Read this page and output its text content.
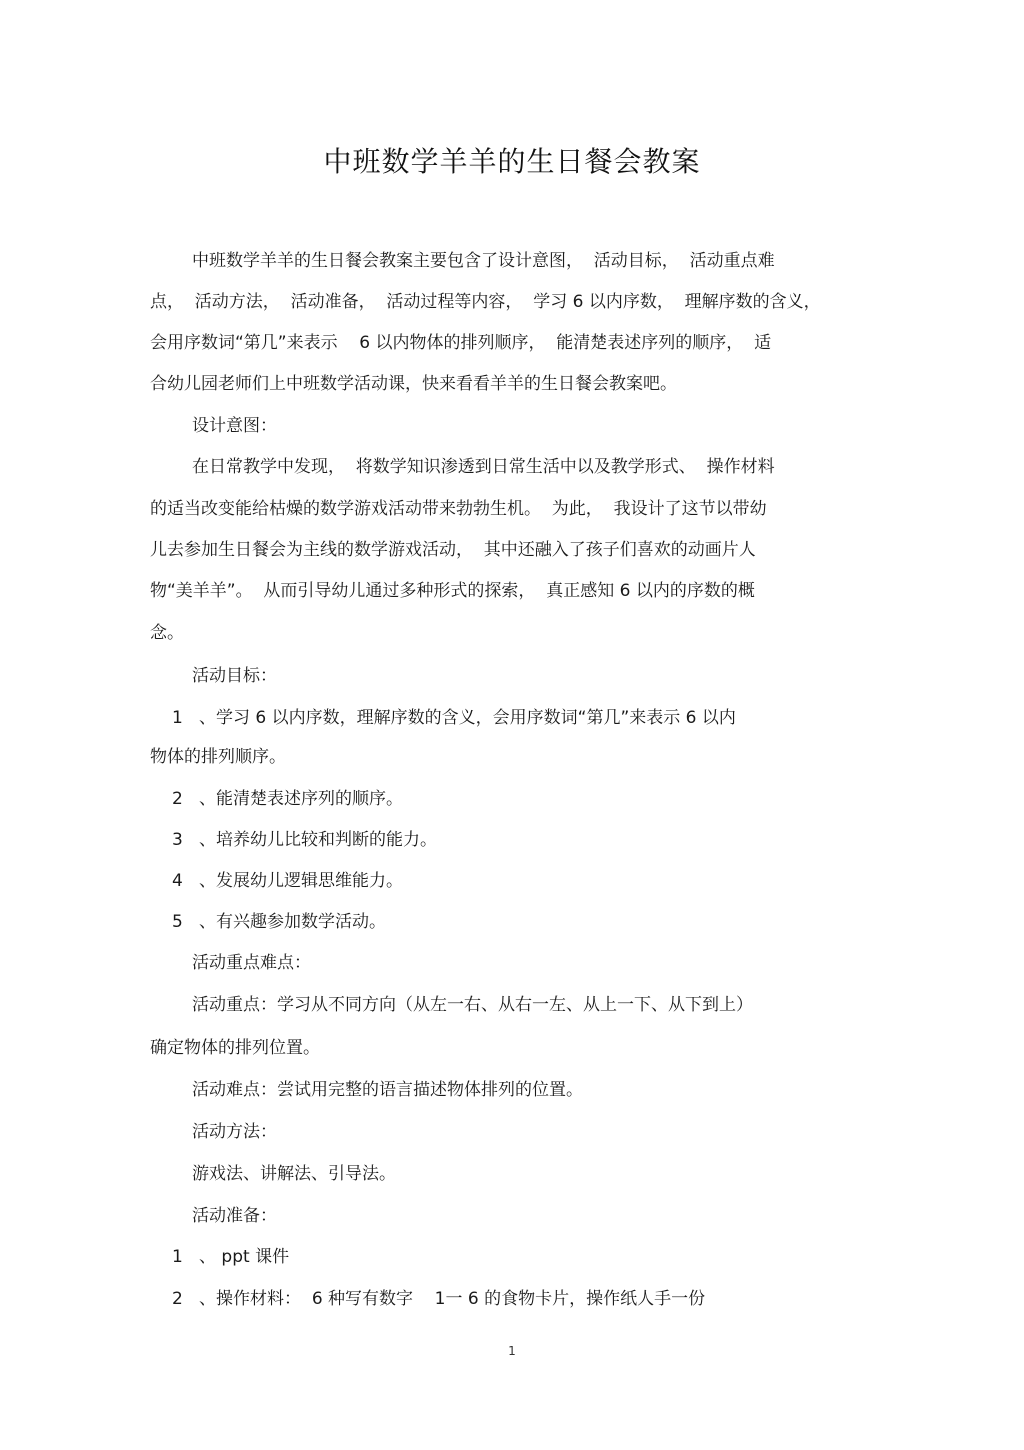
中班数学羊羊的生日餐会教案
中班数学羊羊的生日餐会教案主要包含了设计意图，  活动目标，  活动重点难
点，  活动方法，  活动准备，  活动过程等内容，  学习 6 以内序数，  理解序数的含义，
会用序数词“第几”来表示    6 以内物体的排列顺序，  能清楚表述序列的顺序，  适
合幼儿园老师们上中班数学活动课，快来看看羊羊的生日餐会教案吧。
设计意图：
在日常教学中发现，  将数学知识渗透到日常生活中以及教学形式、  操作材料
的适当改变能给枯燥的数学游戏活动带来勃勃生机。  为此，  我设计了这节以带幼
儿去参加生日餐会为主线的数学游戏活动，  其中还融入了孩子们喜欢的动画片人
物“美羊羊”。  从而引导幼儿通过多种形式的探索，  真正感知 6 以内的序数的概
念。
活动目标：
1   、学习 6 以内序数，理解序数的含义，会用序数词“第几”来表示 6 以内
物体的排列顺序。
2   、能清楚表述序列的顺序。
3   、培养幼儿比较和判断的能力。
4   、发展幼儿逻辑思维能力。
5   、有兴趣参加数学活动。
活动重点难点：
活动重点：学习从不同方向（从左一右、从右一左、从上一下、从下到上）
确定物体的排列位置。
活动难点：尝试用完整的语言描述物体排列的位置。
活动方法：
游戏法、讲解法、引导法。
活动准备：
1   、 ppt 课件
2   、操作材料：  6 种写有数字    1一 6 的食物卡片，操作纸人手一份
1
